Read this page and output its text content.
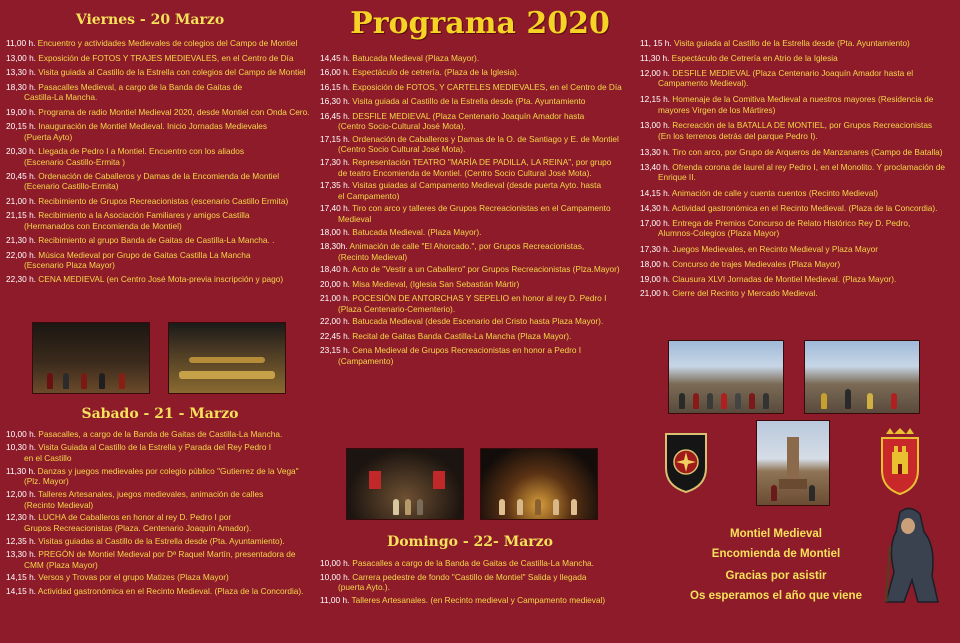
Programa 2020
Viernes - 20 Marzo
11,00 h. Encuentro y actividades Medievales de colegios del Campo de Montiel
13,00 h. Exposición de FOTOS Y TRAJES MEDIEVALES, en el Centro de Día
13,30 h. Visita guiada al Castillo de la Estrella con colegios del Campo de Montiel
18,30 h. Pasacalles Medieval, a cargo de la Banda de Gaitas de
Castilla-La Mancha.
19,00 h. Programa de radio Montiel Medieval 2020, desde Montiel con Onda Cero.
20,15 h. Inauguración de Montiel Medieval. Inicio Jornadas Medievales
(Puerta Ayto)
20,30 h. Llegada de Pedro I a Montiel. Encuentro con los aliados
(Escenario Castillo-Ermita )
20,45 h. Ordenación de Caballeros y Damas de la Encomienda de Montiel
(Ecenario Castillo-Ermita)
21,00 h. Recibimiento de Grupos Recreacionistas (escenario Castillo Ermita)
21,15 h. Recibimiento a la Asociación Familiares y amigos Castilla
(Hermanados con Encomienda de Montiel)
21,30 h. Recibimiento al grupo Banda de Gaitas de Castilla-La Mancha. .
22,00 h. Música Medieval por Grupo de Gaitas Castilla La Mancha
(Escenario Plaza Mayor)
22,30 h. CENA MEDIEVAL (en Centro José Mota-previa inscripción y pago)
Sabado - 21 - Marzo
10,00 h. Pasacalles, a cargo de la Banda de Gaitas de Castilla-La Mancha.
10,30 h. Visita Guiada al Castillo de la Estrella y Parada del Rey Pedro I
en el Castillo
11,30 h. Danzas y juegos medievales por colegio público "Gutierrez de la Vega"
(Plz. Mayor)
12,00 h. Talleres Artesanales, juegos medievales, animación de calles
(Recinto Medieval)
12,30 h. LUCHA de Caballeros en honor al rey D. Pedro I por
Grupos Recreacionistas (Plaza. Centenario Joaquín Amador).
12,35 h. Visitas guiadas al Castillo de la Estrella desde (Pta. Ayuntamiento).
13,30 h. PREGÓN de Montiel Medieval por Dª Raquel Martín, presentadora de
CMM (Plaza Mayor)
14,15 h. Versos y Trovas por el grupo Matizes (Plaza Mayor)
14,15 h. Actividad gastronómica en el Recinto Medieval. (Plaza de la Concordia).
14,45 h. Batucada Medieval (Plaza Mayor).
16,00 h. Espectáculo de cetrería. (Plaza de la Iglesia).
16,15 h. Exposición de FOTOS, Y CARTELES MEDIEVALES, en el Centro de Día
16,30 h. Visita guiada al Castillo de la Estrella desde (Pta. Ayuntamiento
16,45 h. DESFILE MEDIEVAL (Plaza Centenario Joaquín Amador hasta
(Centro Socio-Cultural José Mota).
17,15 h. Ordenación de Caballeros y Damas de la O. de Santiago y E. de Montiel
(Centro Socio Cultural José Mota).
17,30 h. Representación TEATRO "MARÍA DE PADILLA, LA REINA", por grupo
de teatro Encomienda de Montiel. (Centro Socio Cultural José Mota).
17,35 h. Visitas guiadas al Campamento Medieval (desde puerta Ayto. hasta
el Campamento)
17,40 h. Tiro con arco y talleres de Grupos Recreacionistas en el Campamento
Medieval
18,00 h. Batucada Medieval. (Plaza Mayor).
18,30h. Animación de calle "El Ahorcado.", por Grupos Recreacionistas,
(Recinto Medieval)
18,40 h. Acto de "Vestir a un Caballero" por Grupos Recreacionistas (Plza.Mayor)
20,00 h. Misa Medieval, (Iglesia San Sebastián Mártir)
21,00 h. POCESIÓN DE ANTORCHAS Y SEPELIO en honor al rey D. Pedro I
(Plaza Centenario-Cementerio).
22,00 h. Batucada Medieval (desde Escenario del Cristo hasta Plaza Mayor).
22,45 h. Recital de Gaitas Banda Castilla-La Mancha (Plaza Mayor).
23,15 h. Cena Medieval de Grupos Recreacionistas en honor a Pedro I
(Campamento)
Domingo - 22- Marzo
10,00 h. Pasacalles a cargo de la Banda de Gaitas de Castilla-La Mancha.
10,00 h. Carrera pedestre de fondo "Castillo de Montiel" Salida y llegada
(puerta Ayto.).
11,00 h. Talleres Artesanales. (en Recinto medieval y Campamento medieval)
11, 15 h. Visita guiada al Castillo de la Estrella desde (Pta. Ayuntamiento)
11,30 h. Espectáculo de Cetrería en Atrio de la Iglesia
12,00 h. DESFILE MEDIEVAL (Plaza Centenario Joaquín Amador hasta el
Campamento Medieval).
12,15 h. Homenaje de la Comitiva Medieval a nuestros mayores (Residencia de
mayores Virgen de los Mártires)
13,00 h. Recreación de la BATALLA DE MONTIEL, por Grupos Recreacionistas
(En los terrenos detrás del parque Pedro I).
13,30 h. Tiro con arco, por Grupo de Arqueros de Manzanares (Campo de Batalla)
13,40 h. Ofrenda corona de laurel al rey Pedro I, en el Monolito. Y proclamación de
Enrique II.
14,15 h. Animación de calle y cuenta cuentos (Recinto Medieval)
14,30 h. Actividad gastronómica en el Recinto Medieval. (Plaza de la Concordia).
17,00 h. Entrega de Premios Concurso de Relato Histórico Rey D. Pedro,
Alumnos-Colegios (Plaza Mayor)
17,30 h. Juegos Medievales, en Recinto Medieval y Plaza Mayor
18,00 h. Concurso de trajes Medievales (Plaza Mayor)
19,00 h. Clausura XLVI Jornadas de Montiel Medieval. (Plaza Mayor).
21,00 h. Cierre del Recinto y Mercado Medieval.
Montiel Medieval
Encomienda de Montiel
Gracias por asistir
Os esperamos el año que viene
